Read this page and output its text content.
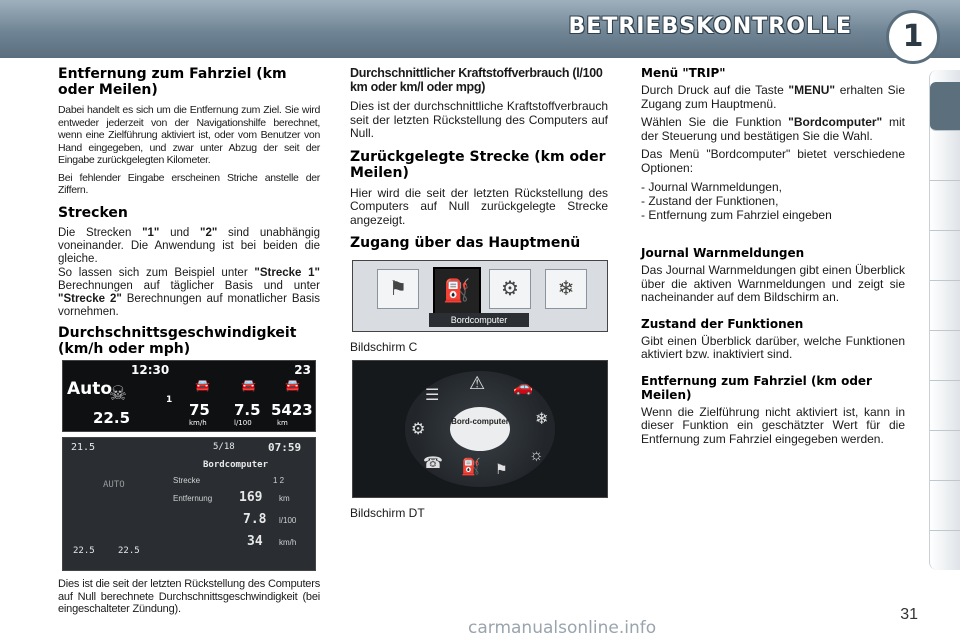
BETRIEBSKONTROLLE	1
Entfernung zum Fahrziel (km oder Meilen)

Dabei handelt es sich um die Entfernung zum Ziel. Sie wird entweder jederzeit von der Navigationshilfe berechnet, wenn eine Zielführung aktiviert ist, oder vom Benutzer von Hand eingegeben, und zwar unter Abzug der seit der Eingabe zurückgelegten Kilometer.

Bei fehlender Eingabe erscheinen Striche anstelle der Ziffern.

Strecken

Die Strecken "1" und "2" sind unabhängig voneinander. Die Anwendung ist bei beiden die gleiche.

So lassen sich zum Beispiel unter "Strecke 1" Berechnungen auf täglicher Basis und unter "Strecke 2" Berechnungen auf monatlicher Basis vornehmen.

Durchschnittsgeschwindigkeit (km/h oder mph)
12:30	23
Auto
☠
22.5
1
75 7.5 5423
km/h	l/100	km
🚘	🚘 🚘
21.5	5/18	07:59
Bordcomputer
AUTO	Strecke	1 2
Entfernung 169 km
7.8 l/100
34 km/h
22.5	22.5
Dies ist die seit der letzten Rückstellung des Computers auf Null berechnete Durchschnittsgeschwindigkeit (bei eingeschalteter Zündung).
Durchschnittlicher Kraftstoffverbrauch (l/100 km oder km/l oder mpg)

Dies ist der durchschnittliche Kraftstoffverbrauch seit der letzten Rückstellung des Computers auf Null.

Zurückgelegte Strecke (km oder Meilen)

Hier wird die seit der letzten Rückstellung des Computers auf Null zurückgelegte Strecke angezeigt.

Zugang über das Hauptmenü
⚑	⛽	⚙	❄
Bordcomputer
Bildschirm C
Bord-computer
⚠ 🚗
❄
☼
☰
⚙
☎ ⛽ ⚑
Bildschirm DT
Menü "TRIP"

Durch Druck auf die Taste "MENU" erhalten Sie Zugang zum Hauptmenü.

Wählen Sie die Funktion "Bordcomputer" mit der Steuerung und bestätigen Sie die Wahl.

Das Menü "Bordcomputer" bietet verschiedene Optionen:

- Journal Warnmeldungen,
- Zustand der Funktionen,
- Entfernung zum Fahrziel eingeben
Journal Warnmeldungen

Das Journal Warnmeldungen gibt einen Überblick über die aktiven Warnmeldungen und zeigt sie nacheinander auf dem Bildschirm an.

Zustand der Funktionen

Gibt einen Überblick darüber, welche Funktionen aktiviert bzw. inaktiviert sind.

Entfernung zum Fahrziel (km oder Meilen)

Wenn die Zielführung nicht aktiviert ist, kann in dieser Funktion ein geschätzter Wert für die Entfernung zum Fahrziel eingegeben werden.

31
carmanualsonline.info
